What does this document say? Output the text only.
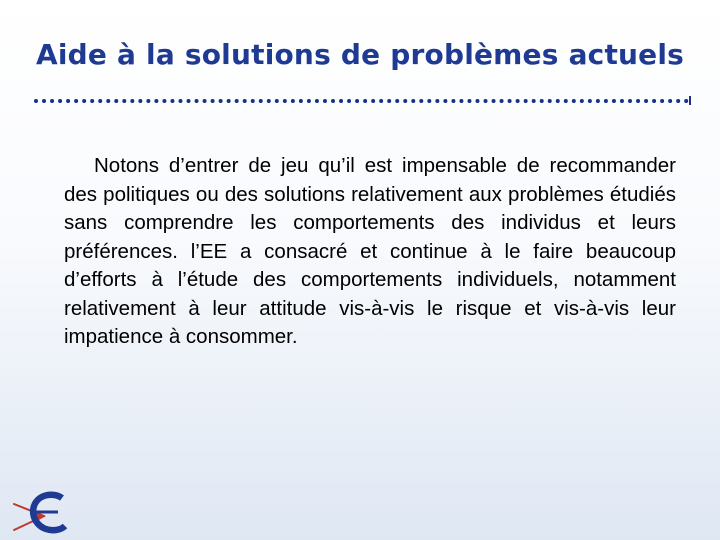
Aide à la solutions de problèmes actuels

Notons d’entrer de jeu qu’il est impensable de recommander des politiques ou des solutions relativement aux problèmes étudiés sans comprendre les comportements des individus et leurs préférences. l’EE a consacré et continue à le faire beaucoup d’efforts à l’étude des comportements individuels, notamment relativement à leur attitude vis-à-vis le risque et vis-à-vis leur impatience à consommer.
